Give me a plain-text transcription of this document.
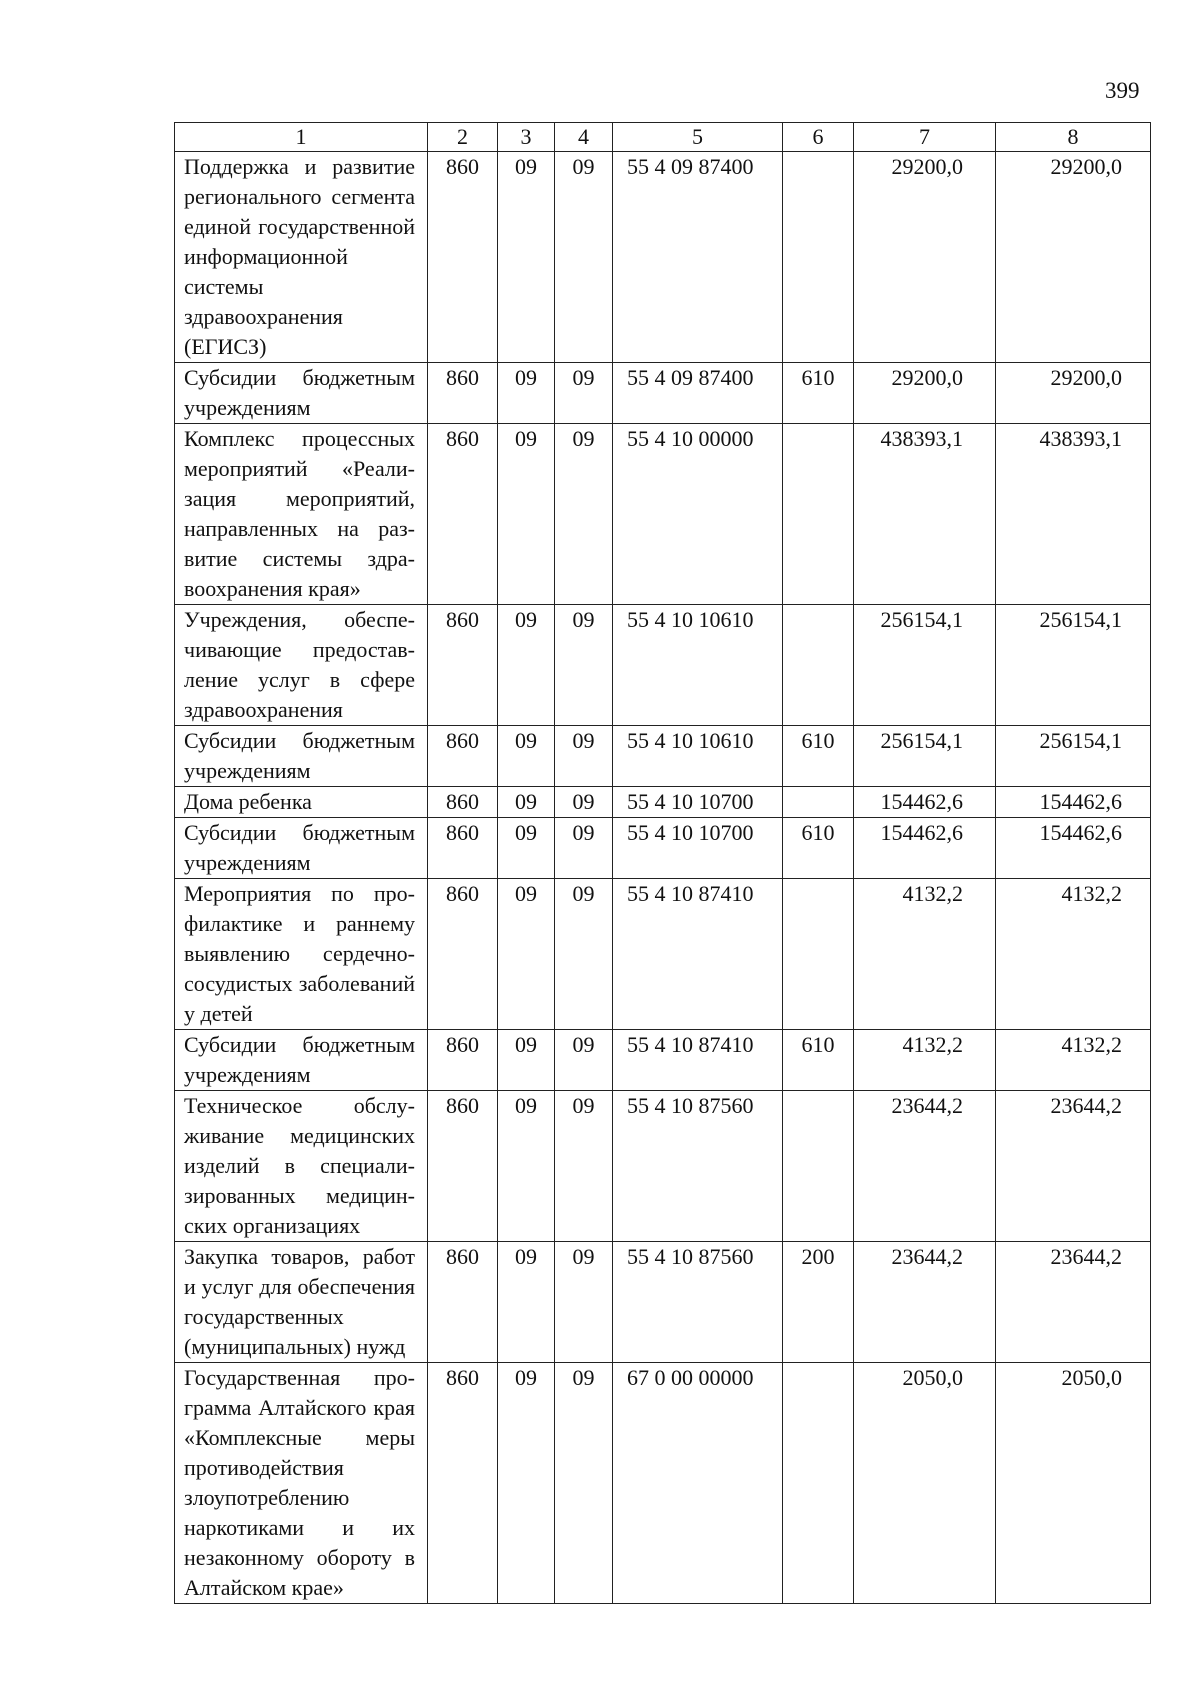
399
1	2	3	4	5	6	7	8
Поддержка и развитие регионального сегмента единой государственной информационной системы здравоохранения (ЕГИСЗ)	860	09	09	55 4 09 87400		29200,0	29200,0
Субсидии бюджетным учреждениям	860	09	09	55 4 09 87400	610	29200,0	29200,0
Комплекс процессных мероприятий «Реализация мероприятий, направленных на развитие системы здравоохранения края»	860	09	09	55 4 10 00000		438393,1	438393,1
Учреждения, обеспечивающие предоставление услуг в сфере здравоохранения	860	09	09	55 4 10 10610		256154,1	256154,1
Субсидии бюджетным учреждениям	860	09	09	55 4 10 10610	610	256154,1	256154,1
Дома ребенка	860	09	09	55 4 10 10700		154462,6	154462,6
Субсидии бюджетным учреждениям	860	09	09	55 4 10 10700	610	154462,6	154462,6
Мероприятия по профилактике и раннему выявлению сердечнососудистых заболеваний у детей	860	09	09	55 4 10 87410		4132,2	4132,2
Субсидии бюджетным учреждениям	860	09	09	55 4 10 87410	610	4132,2	4132,2
Техническое обслуживание медицинских изделий в специализированных медицинских организациях	860	09	09	55 4 10 87560		23644,2	23644,2
Закупка товаров, работ и услуг для обеспечения государственных (муниципальных) нужд	860	09	09	55 4 10 87560	200	23644,2	23644,2
Государственная программа Алтайского края «Комплексные меры противодействия злоупотреблению наркотиками и их незаконному обороту в Алтайском крае»	860	09	09	67 0 00 00000		2050,0	2050,0
